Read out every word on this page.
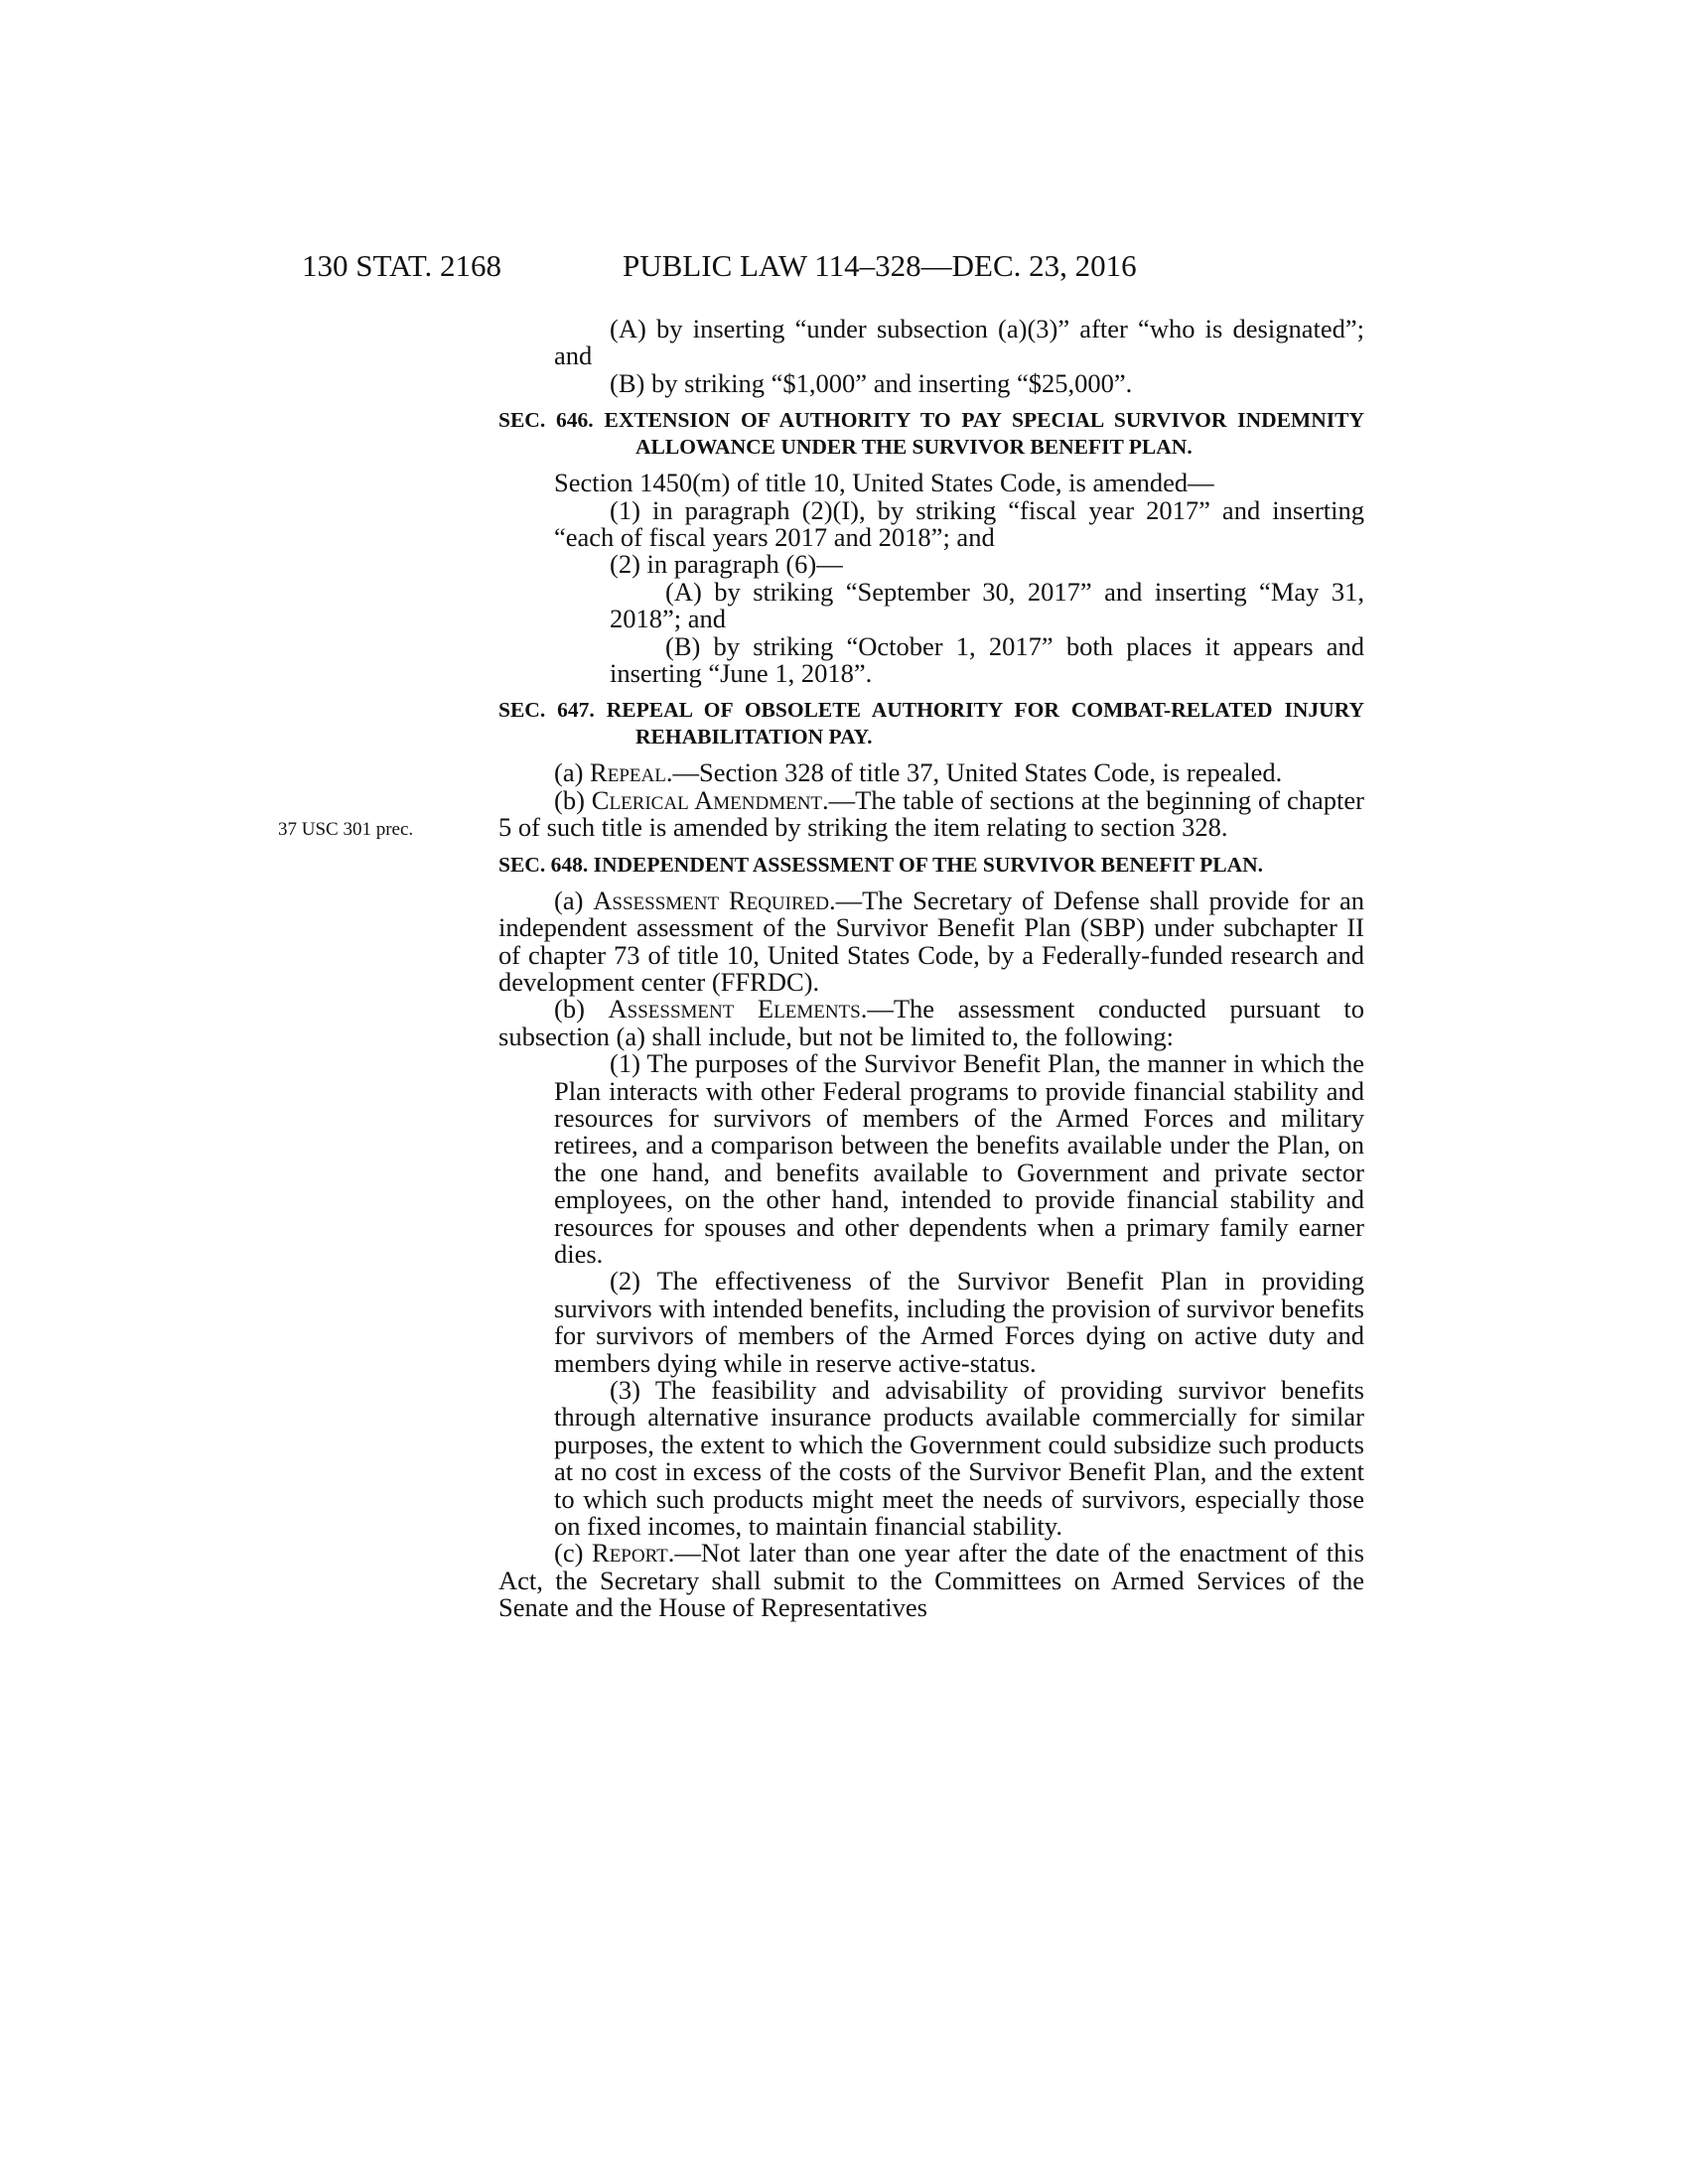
130 STAT. 2168	PUBLIC LAW 114–328—DEC. 23, 2016

(A) by inserting “under subsection (a)(3)” after “who is designated”; and

(B) by striking “$1,000” and inserting “$25,000”.

SEC. 646. EXTENSION OF AUTHORITY TO PAY SPECIAL SURVIVOR INDEMNITY ALLOWANCE UNDER THE SURVIVOR BENEFIT PLAN.

Section 1450(m) of title 10, United States Code, is amended—

(1) in paragraph (2)(I), by striking “fiscal year 2017” and inserting “each of fiscal years 2017 and 2018”; and

(2) in paragraph (6)—

(A) by striking “September 30, 2017” and inserting “May 31, 2018”; and

(B) by striking “October 1, 2017” both places it appears and inserting “June 1, 2018”.

SEC. 647. REPEAL OF OBSOLETE AUTHORITY FOR COMBAT-RELATED INJURY REHABILITATION PAY.

(a) Repeal.—Section 328 of title 37, United States Code, is repealed.

37 USC 301 prec.

(b) Clerical Amendment.—The table of sections at the beginning of chapter 5 of such title is amended by striking the item relating to section 328.

SEC. 648. INDEPENDENT ASSESSMENT OF THE SURVIVOR BENEFIT PLAN.

(a) Assessment Required.—The Secretary of Defense shall provide for an independent assessment of the Survivor Benefit Plan (SBP) under subchapter II of chapter 73 of title 10, United States Code, by a Federally-funded research and development center (FFRDC).

(b) Assessment Elements.—The assessment conducted pursuant to subsection (a) shall include, but not be limited to, the following:

(1) The purposes of the Survivor Benefit Plan, the manner in which the Plan interacts with other Federal programs to provide financial stability and resources for survivors of members of the Armed Forces and military retirees, and a comparison between the benefits available under the Plan, on the one hand, and benefits available to Government and private sector employees, on the other hand, intended to provide financial stability and resources for spouses and other dependents when a primary family earner dies.

(2) The effectiveness of the Survivor Benefit Plan in providing survivors with intended benefits, including the provision of survivor benefits for survivors of members of the Armed Forces dying on active duty and members dying while in reserve active-status.

(3) The feasibility and advisability of providing survivor benefits through alternative insurance products available commercially for similar purposes, the extent to which the Government could subsidize such products at no cost in excess of the costs of the Survivor Benefit Plan, and the extent to which such products might meet the needs of survivors, especially those on fixed incomes, to maintain financial stability.

(c) Report.—Not later than one year after the date of the enactment of this Act, the Secretary shall submit to the Committees on Armed Services of the Senate and the House of Representatives
